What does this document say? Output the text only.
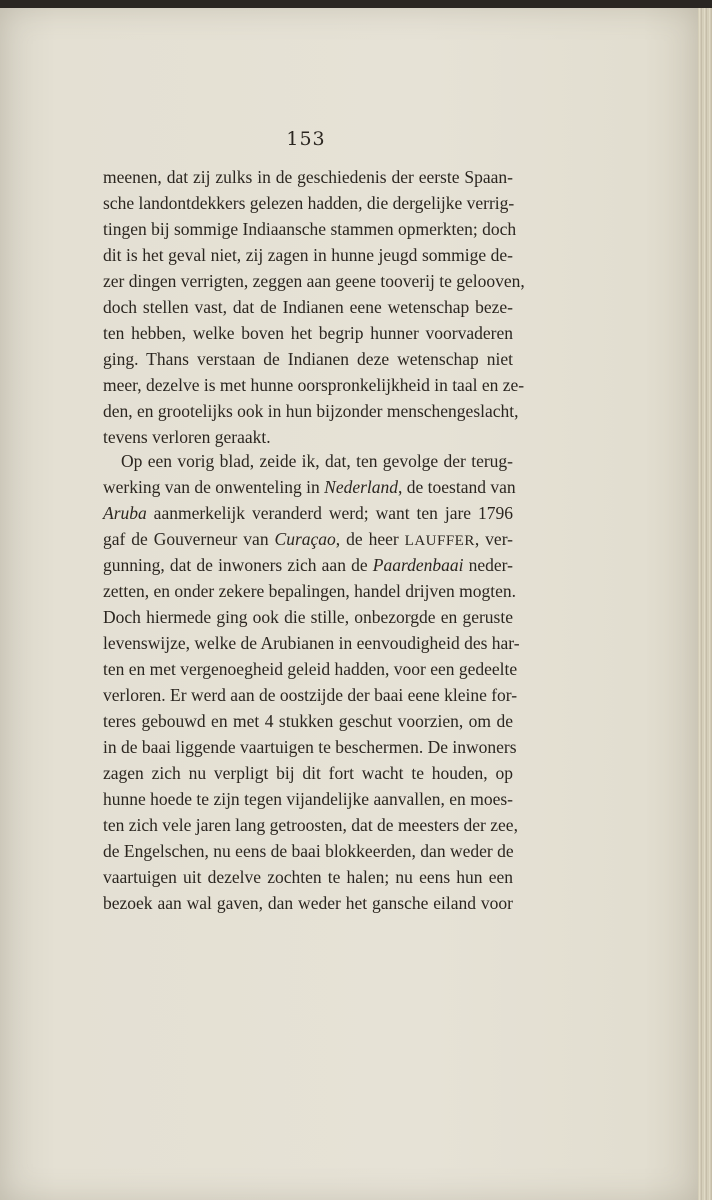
153
meenen, dat zij zulks in de geschiedenis der eerste Spaan-
sche landontdekkers gelezen hadden, die dergelijke verrig-
tingen bij sommige Indiaansche stammen opmerkten; doch
dit is het geval niet, zij zagen in hunne jeugd sommige de-
zer dingen verrigten, zeggen aan geene tooverij te gelooven,
doch stellen vast, dat de Indianen eene wetenschap beze-
ten hebben, welke boven het begrip hunner voorvaderen
ging. Thans verstaan de Indianen deze wetenschap niet
meer, dezelve is met hunne oorspronkelijkheid in taal en ze-
den, en grootelijks ook in hun bijzonder menschengeslacht,
tevens verloren geraakt.
Op een vorig blad, zeide ik, dat, ten gevolge der terug-
werking van de onwenteling in Nederland, de toestand van
Aruba aanmerkelijk veranderd werd; want ten jare 1796
gaf de Gouverneur van Curaçao, de heer LAUFFER, ver-
gunning, dat de inwoners zich aan de Paardenbaai neder-
zetten, en onder zekere bepalingen, handel drijven mogten.
Doch hiermede ging ook die stille, onbezorgde en geruste
levenswijze, welke de Arubianen in eenvoudigheid des har-
ten en met vergenoegheid geleid hadden, voor een gedeelte
verloren. Er werd aan de oostzijde der baai eene kleine for-
teres gebouwd en met 4 stukken geschut voorzien, om de
in de baai liggende vaartuigen te beschermen. De inwoners
zagen zich nu verpligt bij dit fort wacht te houden, op
hunne hoede te zijn tegen vijandelijke aanvallen, en moes-
ten zich vele jaren lang getroosten, dat de meesters der zee,
de Engelschen, nu eens de baai blokkeerden, dan weder de
vaartuigen uit dezelve zochten te halen; nu eens hun een
bezoek aan wal gaven, dan weder het gansche eiland voor
